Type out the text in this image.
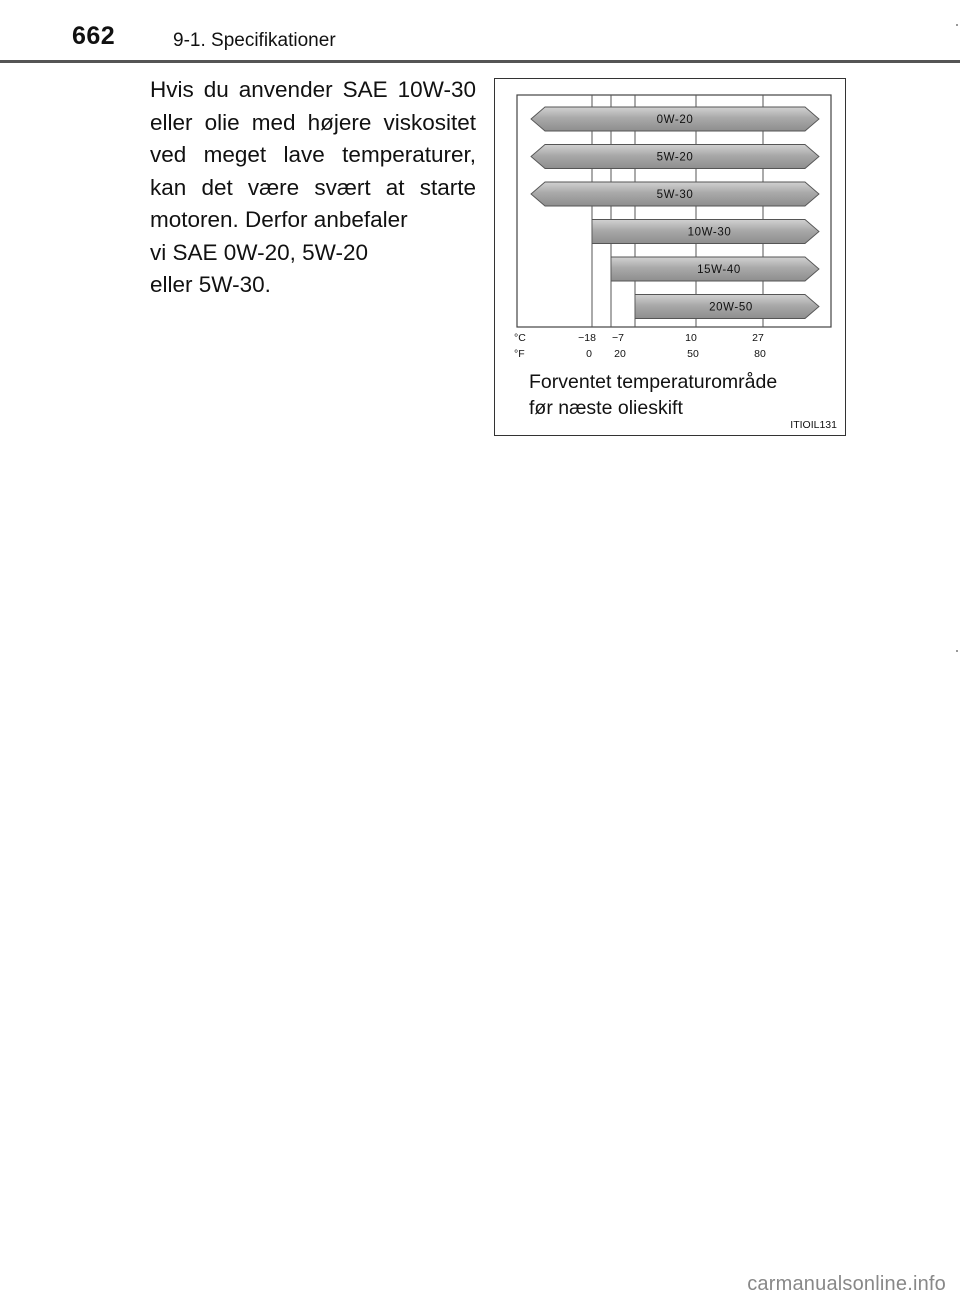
662	9-1. Specifikationer
Hvis du anvender SAE 10W-30
eller olie med højere viskositet
ved meget lave temperaturer,
kan det være svært at starte
motoren. Derfor anbefaler
vi SAE 0W-20, 5W-20
eller 5W-30.
0W-20
5W-20
5W-30
10W-30
15W-40
20W-50
−18 −7	10	27
0 20	50	80
°C
°F
Forventet temperaturområde
før næste olieskift
ITIOIL131
carmanualsonline.info
